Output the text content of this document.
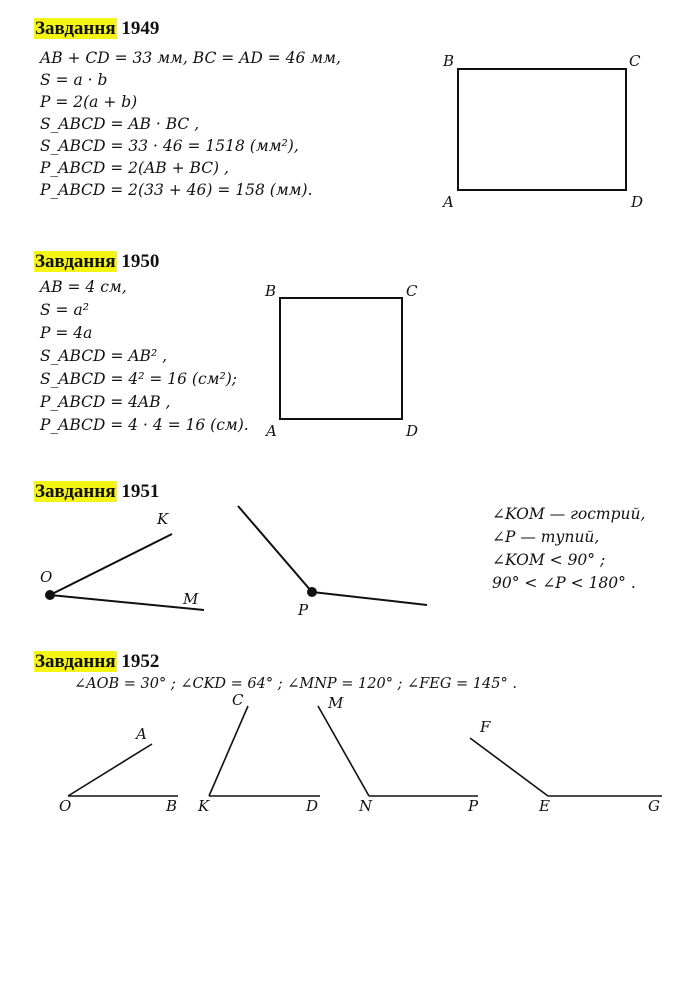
Завдання 1949
AB + CD = 33 мм, BC = AD = 46 мм,
S = a · b
P = 2(a + b)
S_ABCD = AB · BC ,
S_ABCD = 33 · 46 = 1518 (мм²),
P_ABCD = 2(AB + BC) ,
P_ABCD = 2(33 + 46) = 158 (мм).
Завдання 1950
AB = 4 см,
S = a²
P = 4a
S_ABCD = AB² ,
S_ABCD = 4² = 16 (см²);
P_ABCD = 4AB ,
P_ABCD = 4 · 4 = 16 (см).
Завдання 1951
∠KOM — гострий,
∠P — тупий,
∠KOM < 90° ;
90° < ∠P < 180° .
Завдання 1952
∠AOB = 30° ; ∠CKD = 64° ; ∠MNP = 120° ; ∠FEG = 145° .
B	C
A	D
B	C
A	D
K
O
M
P
A
O	B
C
K	D
M
N	P
F
E	G
